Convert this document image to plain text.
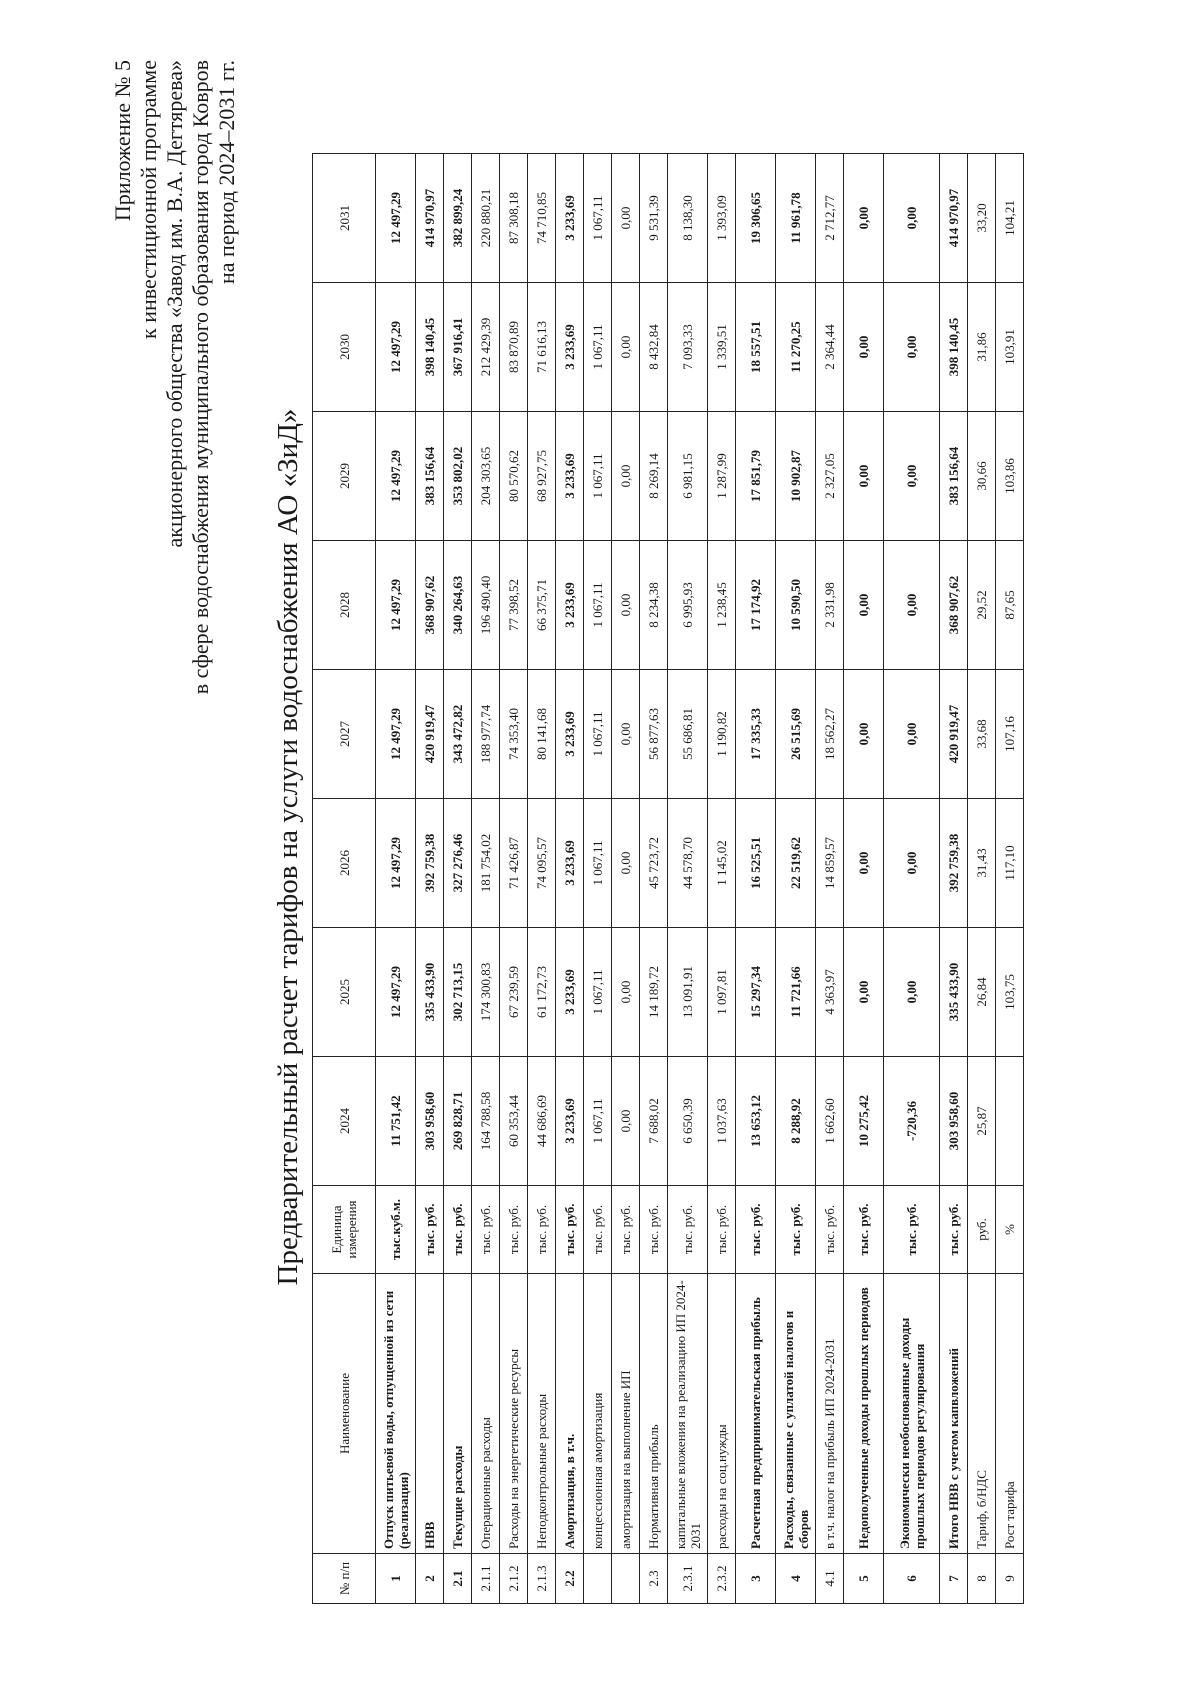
Приложение № 5 к инвестиционной программе акционерного общества «Завод им. В.А. Дегтярева» в сфере водоснабжения муниципального образования город Ковров на период 2024–2031 гг.
Предварительный расчет тарифов на услуги водоснабжения АО «ЗиД»
№ п/п	Наименование	Единица измерения	2024	2025	2026	2027	2028	2029	2030	2031
1	Отпуск питьевой воды, отпущенной из сети (реализация)	тыс.куб.м.	11 751,42	12 497,29	12 497,29	12 497,29	12 497,29	12 497,29	12 497,29	12 497,29
2	НВВ	тыс. руб.	303 958,60	335 433,90	392 759,38	420 919,47	368 907,62	383 156,64	398 140,45	414 970,97
2.1	Текущие расходы	тыс. руб.	269 828,71	302 713,15	327 276,46	343 472,82	340 264,63	353 802,02	367 916,41	382 899,24
2.1.1	Операционные расходы	тыс. руб.	164 788,58	174 300,83	181 754,02	188 977,74	196 490,40	204 303,65	212 429,39	220 880,21
2.1.2	Расходы на энергетические ресурсы	тыс. руб.	60 353,44	67 239,59	71 426,87	74 353,40	77 398,52	80 570,62	83 870,89	87 308,18
2.1.3	Неподконтрольные расходы	тыс. руб.	44 686,69	61 172,73	74 095,57	80 141,68	66 375,71	68 927,75	71 616,13	74 710,85
2.2	Амортизация, в т.ч.	тыс. руб.	3 233,69	3 233,69	3 233,69	3 233,69	3 233,69	3 233,69	3 233,69	3 233,69
	концессионная амортизация	тыс. руб.	1 067,11	1 067,11	1 067,11	1 067,11	1 067,11	1 067,11	1 067,11	1 067,11
	амортизация на выполнение ИП	тыс. руб.	0,00	0,00	0,00	0,00	0,00	0,00	0,00	0,00
2.3	Нормативная прибыль	тыс. руб.	7 688,02	14 189,72	45 723,72	56 877,63	8 234,38	8 269,14	8 432,84	9 531,39
2.3.1	капитальные вложения на реализацию ИП 2024-2031	тыс. руб.	6 650,39	13 091,91	44 578,70	55 686,81	6 995,93	6 981,15	7 093,33	8 138,30
2.3.2	расходы на соц.нужды	тыс. руб.	1 037,63	1 097,81	1 145,02	1 190,82	1 238,45	1 287,99	1 339,51	1 393,09
3	Расчетная предпринимательская прибыль	тыс. руб.	13 653,12	15 297,34	16 525,51	17 335,33	17 174,92	17 851,79	18 557,51	19 306,65
4	Расходы, связанные с уплатой налогов и сборов	тыс. руб.	8 288,92	11 721,66	22 519,62	26 515,69	10 590,50	10 902,87	11 270,25	11 961,78
4.1	в т.ч. налог на прибыль ИП 2024-2031	тыс. руб.	1 662,60	4 363,97	14 859,57	18 562,27	2 331,98	2 327,05	2 364,44	2 712,77
5	Недополученные доходы прошлых периодов	тыс. руб.	10 275,42	0,00	0,00	0,00	0,00	0,00	0,00	0,00
6	Экономически необоснованные доходы прошлых периодов регулирования	тыс. руб.	-720,36	0,00	0,00	0,00	0,00	0,00	0,00	0,00
7	Итого НВВ с учетом капвложений	тыс. руб.	303 958,60	335 433,90	392 759,38	420 919,47	368 907,62	383 156,64	398 140,45	414 970,97
8	Тариф, б/НДС	руб.	25,87	26,84	31,43	33,68	29,52	30,66	31,86	33,20
9	Рост тарифа	%		103,75	117,10	107,16	87,65	103,86	103,91	104,21
